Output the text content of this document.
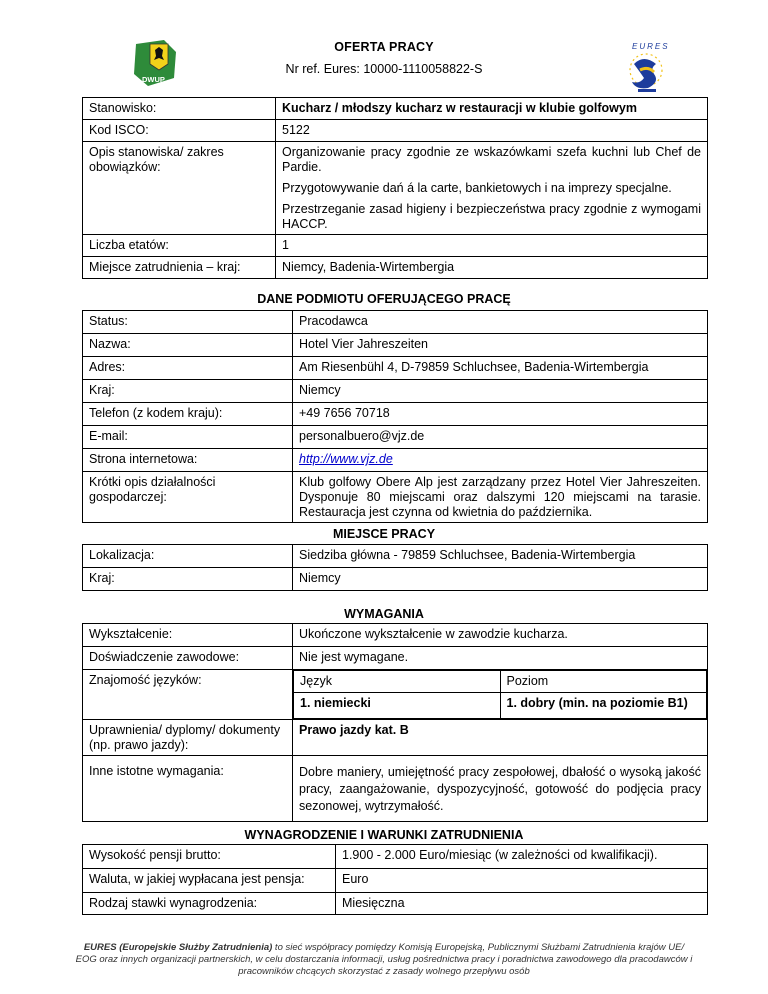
DWUP
OFERTA PRACY
Nr ref. Eures: 10000-1110058822-S
EURES
Stanowisko:	Kucharz / młodszy kucharz w restauracji w klubie golfowym
Kod ISCO:	5122
Opis stanowiska/ zakres obowiązków:	Organizowanie pracy zgodnie ze wskazówkami szefa kuchni lub Chef de Pardie.

Przygotowywanie dań á la carte, bankietowych i na imprezy specjalne.

Przestrzeganie zasad higieny i bezpieczeństwa pracy zgodnie z wymogami HACCP.

Liczba etatów:	1
Miejsce zatrudnienia – kraj:	Niemcy, Badenia-Wirtembergia
DANE PODMIOTU OFERUJĄCEGO PRACĘ
Status:	Pracodawca
Nazwa:	Hotel Vier Jahreszeiten
Adres:	Am Riesenbühl 4, D-79859 Schluchsee, Badenia-Wirtembergia
Kraj:	Niemcy
Telefon (z kodem kraju):	+49 7656 70718
E-mail:	personalbuero@vjz.de
Strona internetowa:	http://www.vjz.de
Krótki opis działalności gospodarczej:	Klub golfowy Obere Alp jest zarządzany przez Hotel Vier Jahreszeiten. Dysponuje 80 miejscami oraz dalszymi 120 miejscami na tarasie. Restauracja jest czynna od kwietnia do października.
MIEJSCE PRACY
Lokalizacja:	Siedziba główna - 79859 Schluchsee, Badenia-Wirtembergia
Kraj:	Niemcy
WYMAGANIA
Wykształcenie:	Ukończone wykształcenie w zawodzie kucharza.
Doświadczenie zawodowe:	Nie jest wymagane.
Znajomość języków:		Język	Poziom
1. niemiecki	1. dobry (min. na poziomie B1)

Uprawnienia/ dyplomy/ dokumenty
(np. prawo jazdy):	Prawo jazdy kat. B
Inne istotne wymagania:	Dobre maniery, umiejętność pracy zespołowej, dbałość o wysoką jakość pracy, zaangażowanie, dyspozycyjność, gotowość do podjęcia pracy sezonowej, wytrzymałość.
WYNAGRODZENIE I WARUNKI ZATRUDNIENIA
Wysokość pensji brutto:	1.900 - 2.000 Euro/miesiąc (w zależności od kwalifikacji).
Waluta, w jakiej wypłacana jest pensja:	Euro
Rodzaj stawki wynagrodzenia:	Miesięczna
EURES (Europejskie Służby Zatrudnienia) to sieć współpracy pomiędzy Komisją Europejską, Publicznymi Służbami Zatrudnienia krajów UE/ EOG oraz innych organizacji partnerskich, w celu dostarczania informacji, usług pośrednictwa pracy i poradnictwa zawodowego dla pracodawców i pracowników chcących skorzystać z zasady wolnego przepływu osób
